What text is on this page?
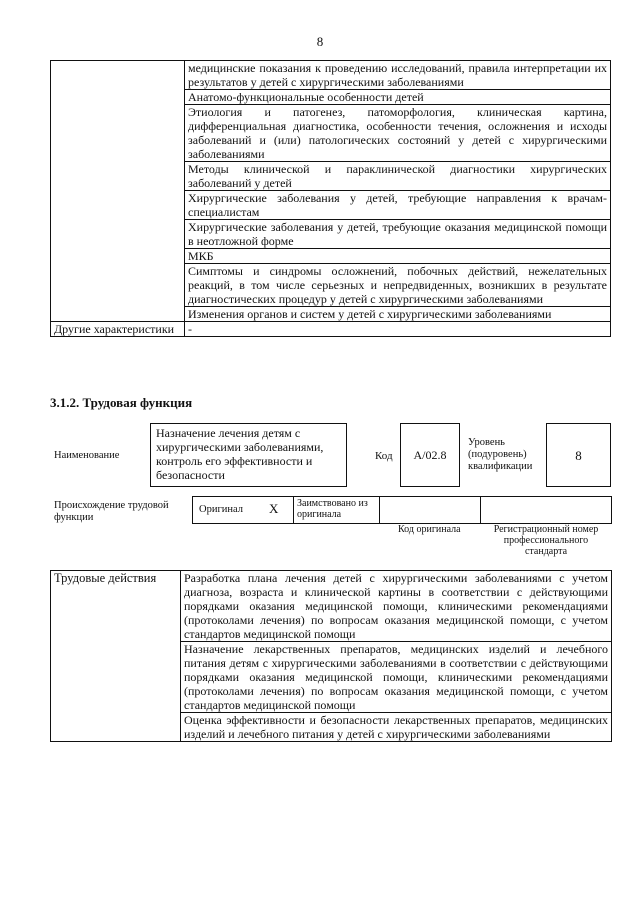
8
	медицинские показания к проведению исследований, правила интерпретации их результатов у детей с хирургическими заболеваниями
	Анатомо-функциональные особенности детей
	Этиология и патогенез, патоморфология, клиническая картина, дифференциальная диагностика, особенности течения, осложнения и исходы заболеваний и (или) патологических состояний у детей с хирургическими заболеваниями
	Методы клинической и параклинической диагностики хирургических заболеваний у детей
	Хирургические заболевания у детей, требующие направления к врачам-специалистам
	Хирургические заболевания у детей, требующие оказания медицинской помощи в неотложной форме
	МКБ
	Симптомы и синдромы осложнений, побочных действий, нежелательных реакций, в том числе серьезных и непредвиденных, возникших в результате диагностических процедур у детей с хирургическими заболеваниями
	Изменения органов и систем у детей с хирургическими заболеваниями
Другие характеристики	-
3.1.2. Трудовая функция
Наименование
Назначение лечения детям с хирургическими заболеваниями, контроль его эффективности и безопасности
Код	A/02.8
Уровень (подуровень) квалификации
8
Происхождение трудовой функции
Оригинал X Заимствовано из оригинала
Код оригинала	Регистрационный номер профессионального стандарта
Трудовые действия	Разработка плана лечения детей с хирургическими заболеваниями с учетом диагноза, возраста и клинической картины в соответствии с действующими порядками оказания медицинской помощи, клиническими рекомендациями (протоколами лечения) по вопросам оказания медицинской помощи, с учетом стандартов медицинской помощи
Назначение лекарственных препаратов, медицинских изделий и лечебного питания детям с хирургическими заболеваниями в соответствии с действующими порядками оказания медицинской помощи, клиническими рекомендациями (протоколами лечения) по вопросам оказания медицинской помощи, с учетом стандартов медицинской помощи
Оценка эффективности и безопасности лекарственных препаратов, медицинских изделий и лечебного питания у детей с хирургическими заболеваниями
